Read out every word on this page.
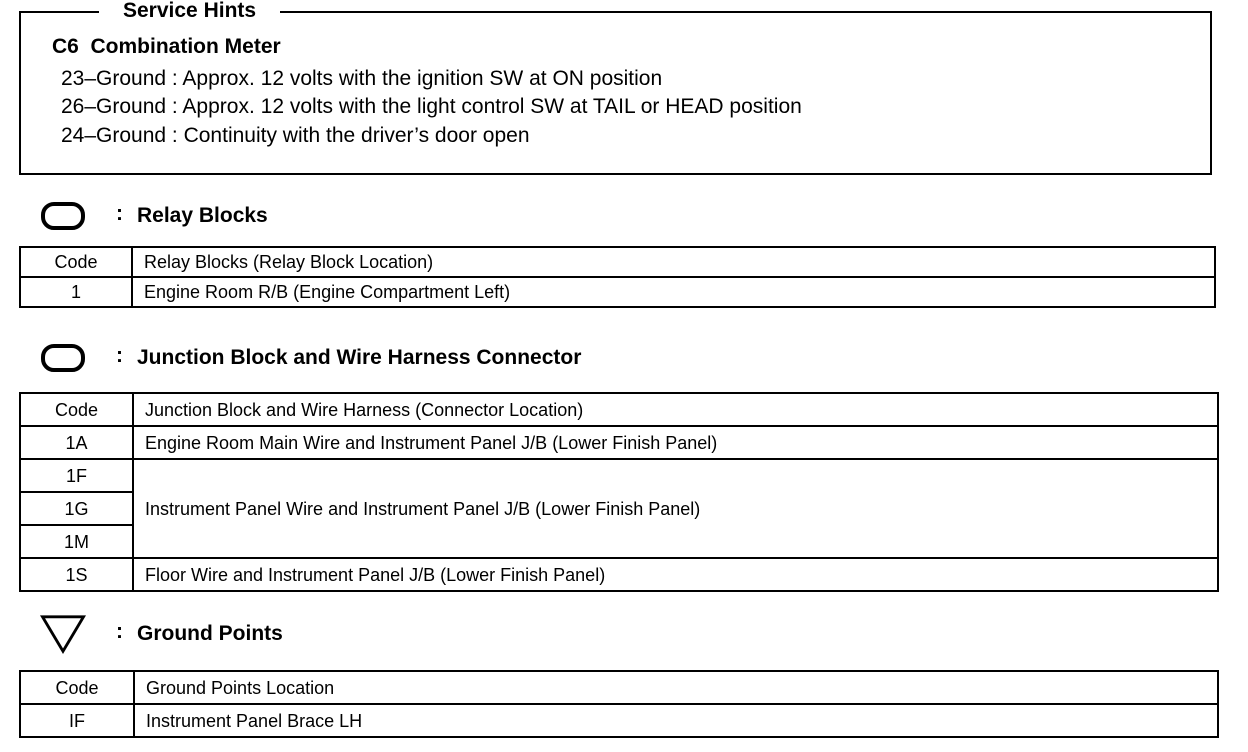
Service Hints
C6  Combination Meter
23–Ground : Approx. 12 volts with the ignition SW at ON position
26–Ground : Approx. 12 volts with the light control SW at TAIL or HEAD position
24–Ground : Continuity with the driver’s door open
: Relay Blocks
Code	Relay Blocks (Relay Block Location)
1	Engine Room R/B (Engine Compartment Left)
: Junction Block and Wire Harness Connector
Code	Junction Block and Wire Harness (Connector Location)
1A	Engine Room Main Wire and Instrument Panel J/B (Lower Finish Panel)
1F	Instrument Panel Wire and Instrument Panel J/B (Lower Finish Panel)
1G	
1M	
1S	Floor Wire and Instrument Panel J/B (Lower Finish Panel)
: Ground Points
Code	Ground Points Location
IF	Instrument Panel Brace LH
